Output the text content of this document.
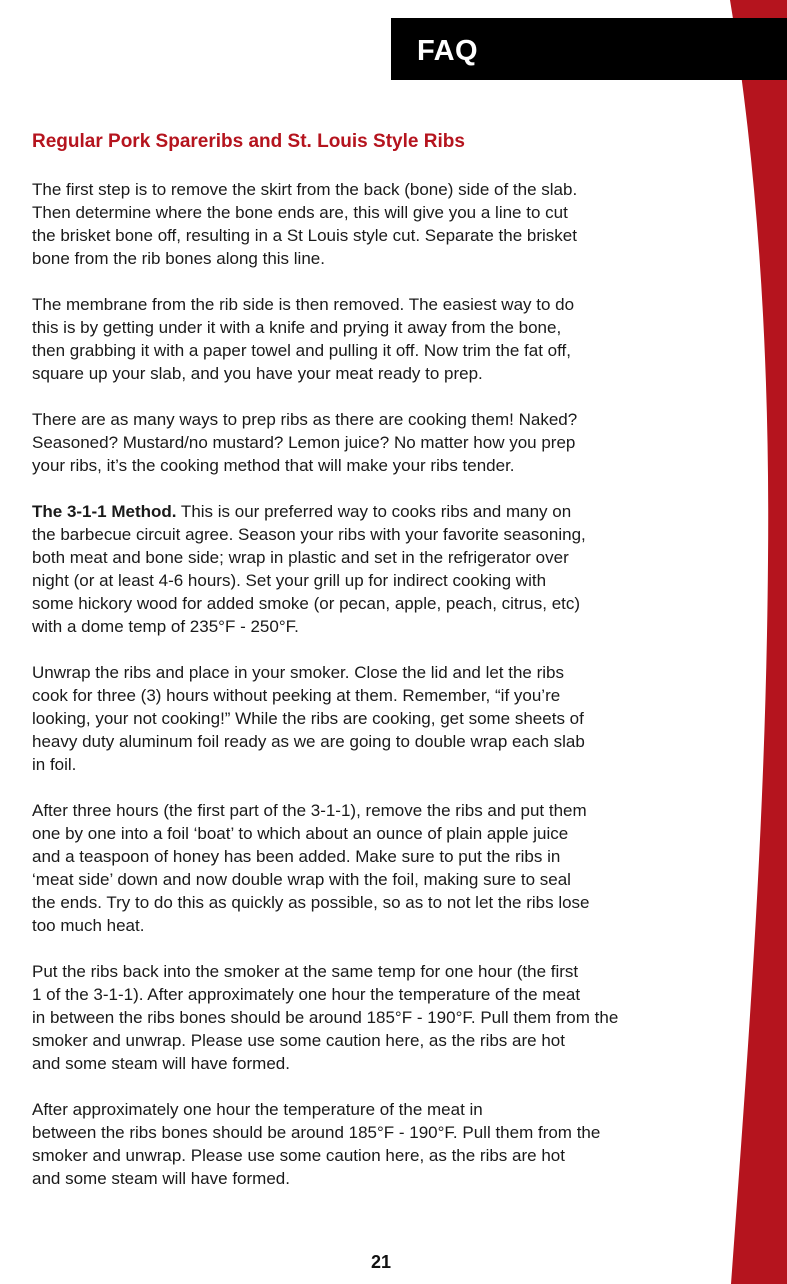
FAQ
Regular Pork Spareribs and St. Louis Style Ribs

The first step is to remove the skirt from the back (bone) side of the slab.
Then determine where the bone ends are, this will give you a line to cut
the brisket bone off, resulting in a St Louis style cut. Separate the brisket
bone from the rib bones along this line.

The membrane from the rib side is then removed. The easiest way to do
this is by getting under it with a knife and prying it away from the bone,
then grabbing it with a paper towel and pulling it off. Now trim the fat off,
square up your slab, and you have your meat ready to prep.

There are as many ways to prep ribs as there are cooking them! Naked?
Seasoned? Mustard/no mustard? Lemon juice? No matter how you prep
your ribs, it’s the cooking method that will make your ribs tender.

The 3-1-1 Method. This is our preferred way to cooks ribs and many on
the barbecue circuit agree. Season your ribs with your favorite seasoning,
both meat and bone side; wrap in plastic and set in the refrigerator over
night (or at least 4-6 hours). Set your grill up for indirect cooking with
some hickory wood for added smoke (or pecan, apple, peach, citrus, etc)
with a dome temp of 235°F - 250°F.

Unwrap the ribs and place in your smoker. Close the lid and let the ribs
cook for three (3) hours without peeking at them. Remember, “if you’re
looking, your not cooking!” While the ribs are cooking, get some sheets of
heavy duty aluminum foil ready as we are going to double wrap each slab
in foil.

After three hours (the first part of the 3-1-1), remove the ribs and put them
one by one into a foil ‘boat’ to which about an ounce of plain apple juice
and a teaspoon of honey has been added. Make sure to put the ribs in
‘meat side’ down and now double wrap with the foil, making sure to seal
the ends. Try to do this as quickly as possible, so as to not let the ribs lose
too much heat.

Put the ribs back into the smoker at the same temp for one hour (the first
1 of the 3-1-1). After approximately one hour the temperature of the meat
in between the ribs bones should be around 185°F - 190°F. Pull them from the
smoker and unwrap. Please use some caution here, as the ribs are hot
and some steam will have formed.

After approximately one hour the temperature of the meat in
between the ribs bones should be around 185°F - 190°F. Pull them from the
smoker and unwrap. Please use some caution here, as the ribs are hot
and some steam will have formed.

21
